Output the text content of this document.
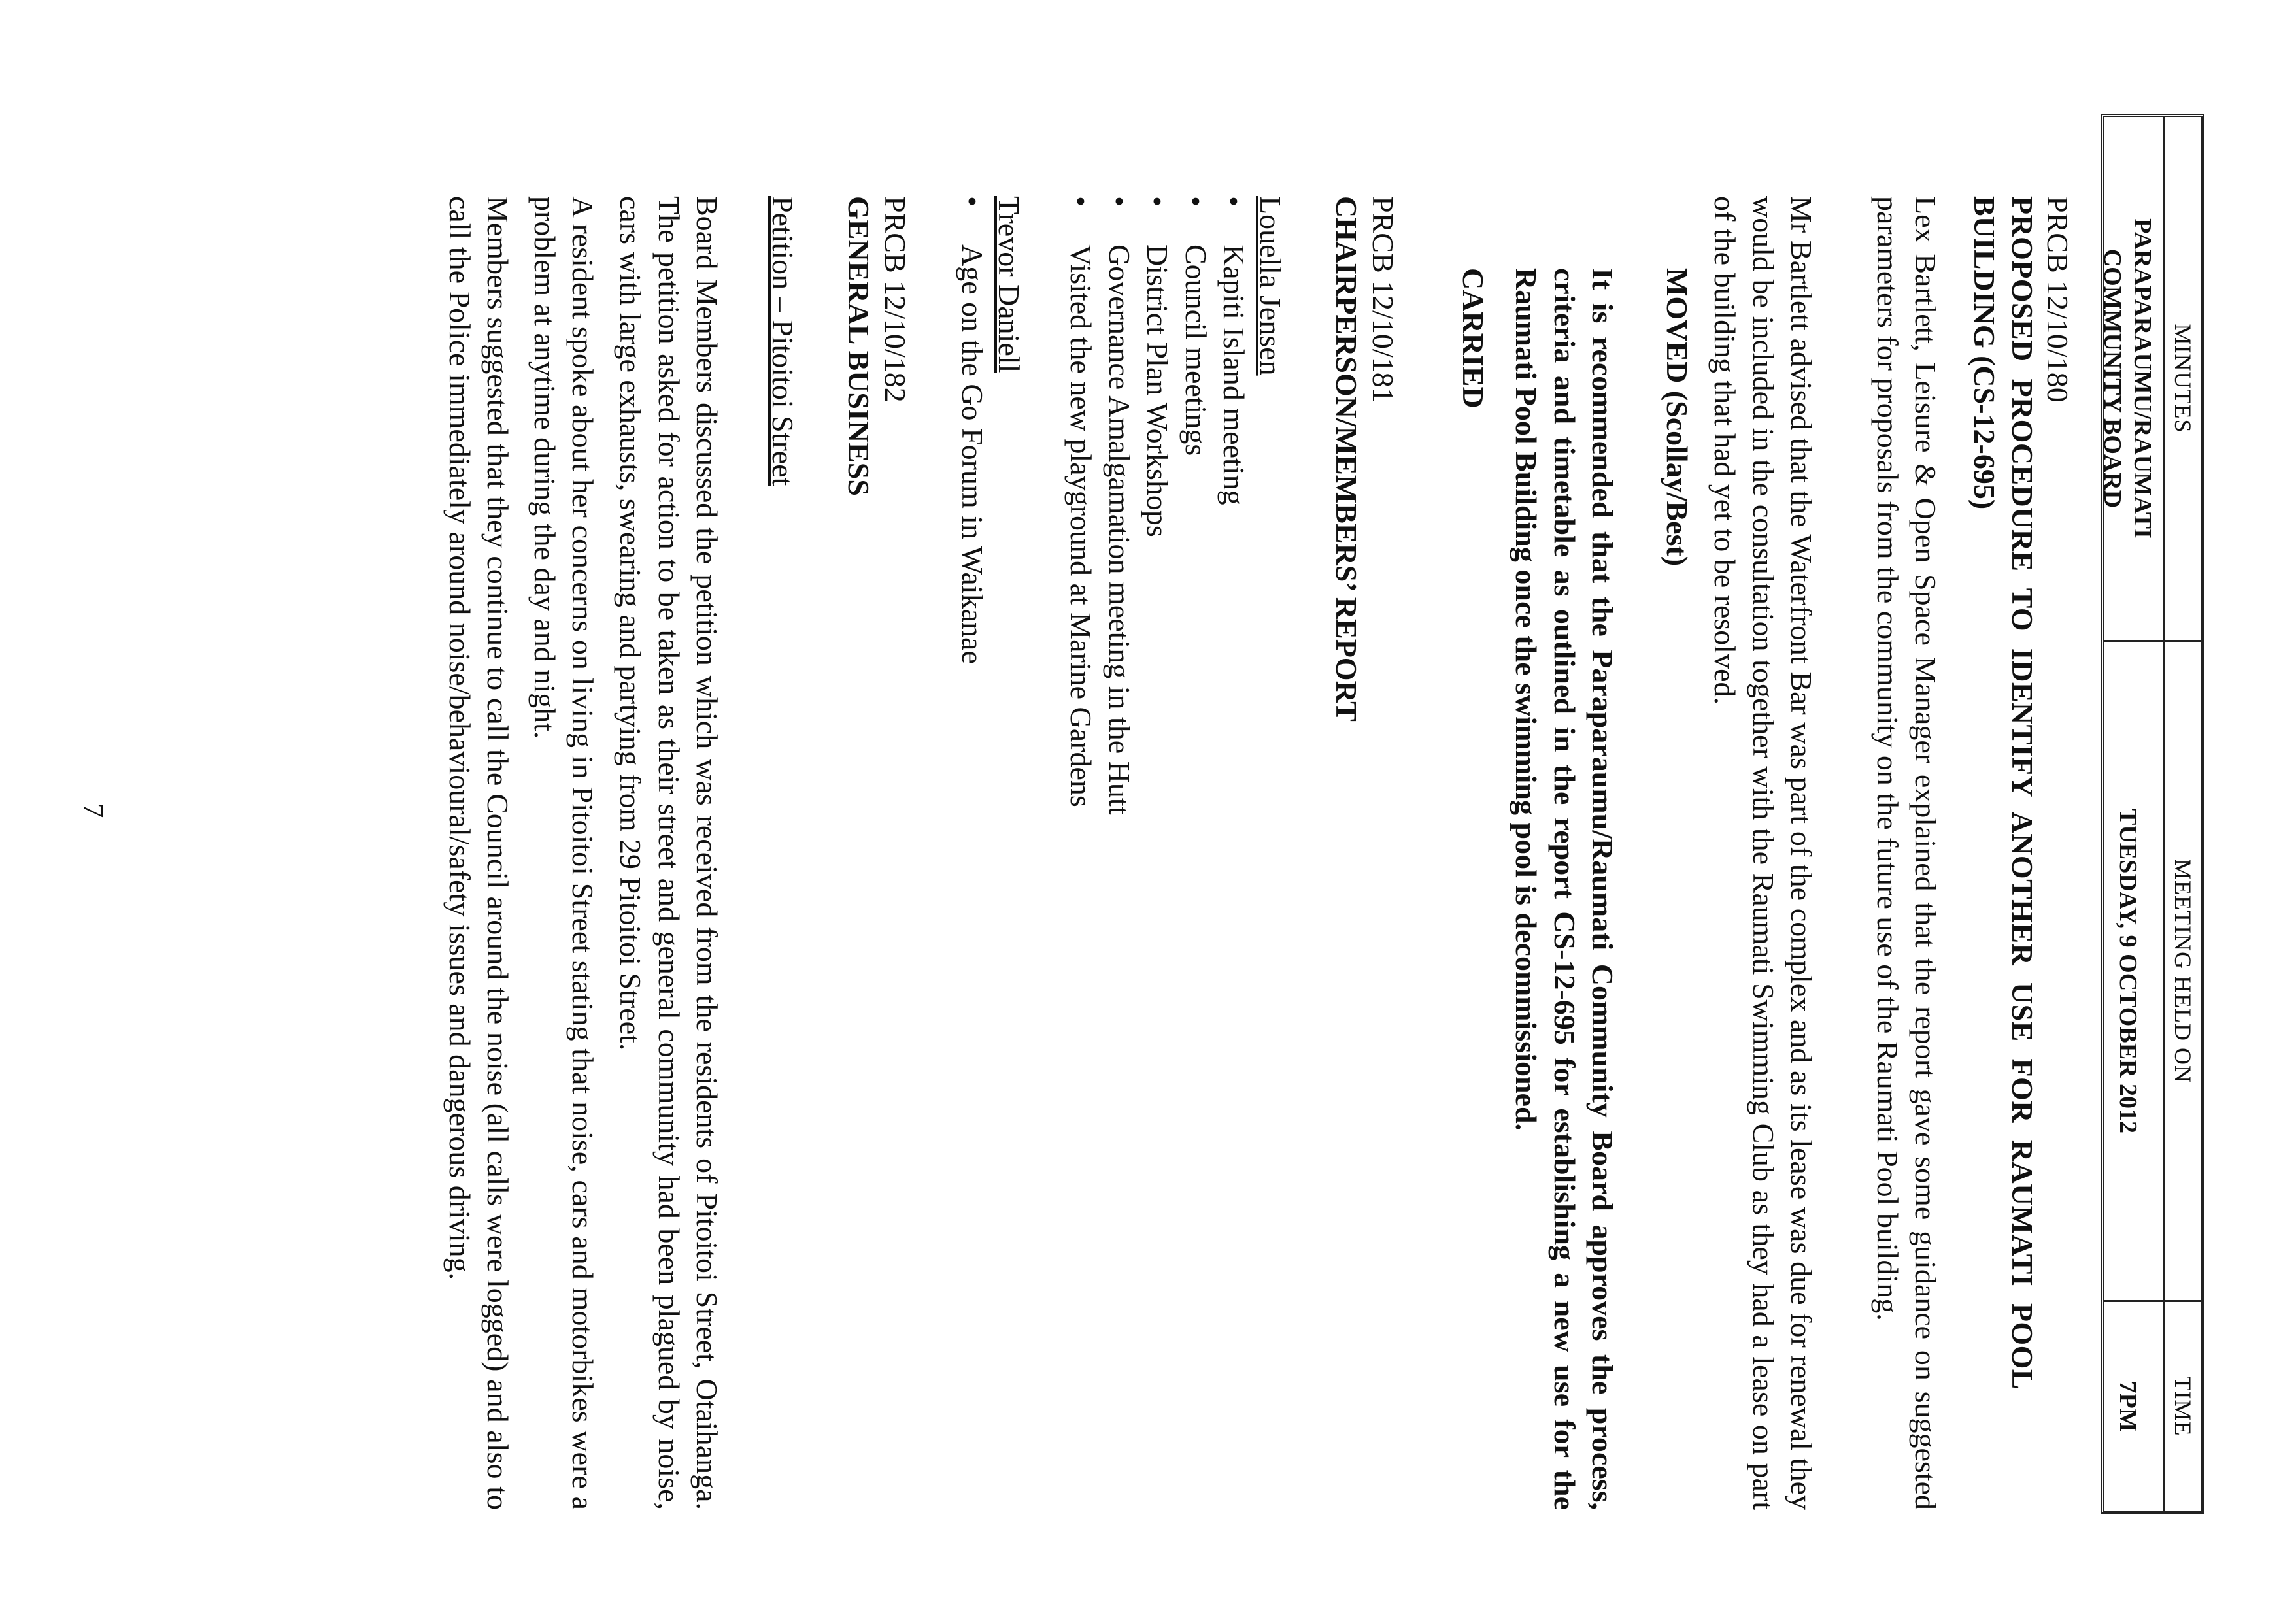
MINUTES
PARAPARAUMU/RAUMATI
COMMUNITY BOARD
MEETING HELD ON
TUESDAY, 9 OCTOBER 2012
TIME
7PM
PRCB 12/10/180
PROPOSED PROCEDURE TO IDENTIFY ANOTHER USE FOR RAUMATI POOL
BUILDING (CS-12-695)
Lex Bartlett, Leisure & Open Space Manager explained that the report gave some guidance on suggested parameters for proposals from the community on the future use of the Raumati Pool building.
Mr Bartlett advised that the Waterfront Bar was part of the complex and as its lease was due for renewal they would be included in the consultation together with the Raumati Swimming Club as they had a lease on part of the building that had yet to be resolved.
MOVED (Scollay/Best)
It is recommended that the Paraparaumu/Raumati Community Board approves the process, criteria and timetable as outlined in the report CS-12-695 for establishing a new use for the Raumati Pool Building once the swimming pool is decommissioned.
CARRIED
PRCB 12/10/181
CHAIRPERSON/MEMBERS’ REPORT
Louella Jensen
•
Kapiti Island meeting
•
Council meetings
•
District Plan Workshops
•
Governance Amalgamation meeting in the Hutt
•
Visited the new playground at Marine Gardens
Trevor Daniell
•
Age on the Go Forum in Waikanae
PRCB 12/10/182
GENERAL BUSINESS
Petition – Pitoitoi Street
Board Members discussed the petition which was received from the residents of Pitoitoi Street, Otaihanga. The petition asked for action to be taken as their street and general community had been plagued by noise, cars with large exhausts, swearing and partying from 29 Pitoitoi Street.
A resident spoke about her concerns on living in Pitoitoi Street stating that noise, cars and motorbikes were a problem at anytime during the day and night.
Members suggested that they continue to call the Council around the noise (all calls were logged) and also to call the Police immediately around noise/behavioural/safety issues and dangerous driving.
7
